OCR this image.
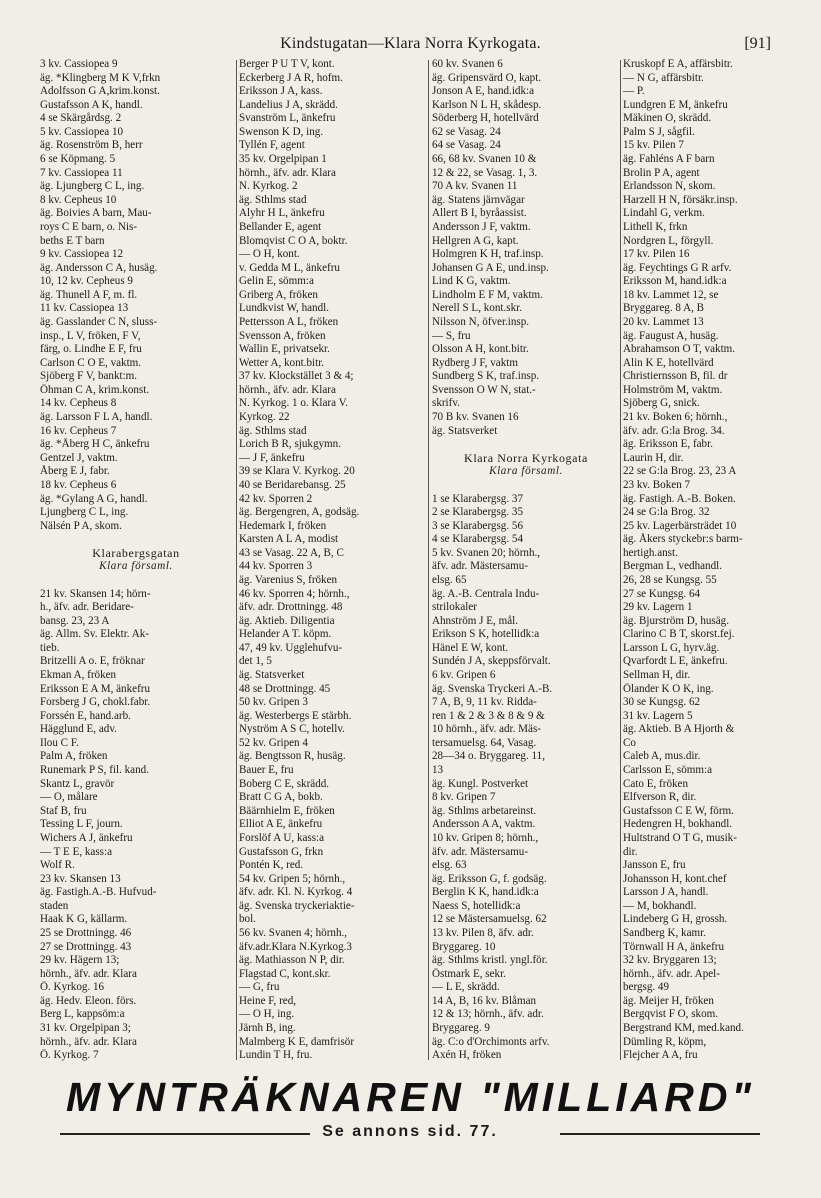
Kindstugatan—Klara Norra Kyrkogata.	[91]
3 kv. Cassiopea 9
äg. *Klingberg M K V,frkn
Adolfsson G A,krim.konst.
Gustafsson A K, handl.
4 se Skärgårdsg. 2
5 kv. Cassiopea 10
äg. Rosenström B, herr
6 se Köpmang. 5
7 kv. Cassiopea 11
äg. Ljungberg C L, ing.
8 kv. Cepheus 10
äg. Boivies A barn, Mau-
roys C E barn, o. Nis-
beths E T barn
9 kv. Cassiopea 12
äg. Andersson C A, husäg.
10, 12 kv. Cepheus 9
äg. Thunell A F, m. fl.
11 kv. Cassiopea 13
äg. Gasslander C N, sluss-
insp., L V, fröken, F V,
färg, o. Lindhe E F, fru
Carlson C O E, vaktm.
Sjöberg F V, bankt:m.
Öhman C A, krim.konst.
14 kv. Cepheus 8
äg. Larsson F L A, handl.
16 kv. Cepheus 7
äg. *Åberg H C, änkefru
Gentzel J, vaktm.
Åberg E J, fabr.
18 kv. Cepheus 6
äg. *Gylang A G, handl.
Ljungberg C L, ing.
Nälsén P A, skom.
Klarabergsgatan
Klara församl.
21 kv. Skansen 14; hörn-
h., äfv. adr. Beridare-
bansg. 23, 23 A
äg. Allm. Sv. Elektr. Ak-
tieb.
Britzelli A o. E, fröknar
Ekman A, fröken
Eriksson E A M, änkefru
Forsberg J G, chokl.fabr.
Forssén E, hand.arb.
Hägglund E, adv.
Ilou C F.
Palm A, fröken
Runemark P S, fil. kand.
Skantz L, gravör
— O, målare
Staf B, fru
Tessing L F, journ.
Wichers A J, änkefru
— T E E, kass:a
Wolf R.
23 kv. Skansen 13
äg. Fastigh.A.-B. Hufvud-
staden
Haak K G, källarm.
25 se Drottningg. 46
27 se Drottningg. 43
29 kv. Hägern 13;
hörnh., äfv. adr. Klara
Ö. Kyrkog. 16
äg. Hedv. Eleon. förs.
Berg L, kappsöm:a
31 kv. Orgelpipan 3;
hörnh., äfv. adr. Klara
Ö. Kyrkog. 7
Berger P U T V, kont.
Eckerberg J A R, hofm.
Eriksson J A, kass.
Landelius J A, skrädd.
Svanström L, änkefru
Swenson K D, ing.
Tyllén F, agent
35 kv. Orgelpipan 1
hörnh., äfv. adr. Klara
N. Kyrkog. 2
äg. Sthlms stad
Alyhr H L, änkefru
Bellander E, agent
Blomqvist C O A, boktr.
— O H, kont.
v. Gedda M L, änkefru
Gelin E, sömm:a
Griberg A, fröken
Lundkvist W, handl.
Pettersson A L, fröken
Svensson A, fröken
Wallin E, privatsekr.
Wetter A, kont.bitr.
37 kv. Klockstället 3 & 4;
hörnh., äfv. adr. Klara
N. Kyrkog. 1 o. Klara V.
Kyrkog. 22
äg. Sthlms stad
Lorich B R, sjukgymn.
— J F, änkefru
39 se Klara V. Kyrkog. 20
40 se Beridarebansg. 25
42 kv. Sporren 2
äg. Bergengren, A, godsäg.
Hedemark I, fröken
Karsten A L A, modist
43 se Vasag. 22 A, B, C
44 kv. Sporren 3
äg. Varenius S, fröken
46 kv. Sporren 4; hörnh.,
äfv. adr. Drottningg. 48
äg. Aktieb. Diligentia
Helander A T. köpm.
47, 49 kv. Ugglehufvu-
det 1, 5
äg. Statsverket
48 se Drottningg. 45
50 kv. Gripen 3
äg. Westerbergs E stärbh.
Nyström A S C, hotellv.
52 kv. Gripen 4
äg. Bengtsson R, husäg.
Bauer E, fru
Boberg C E, skrädd.
Bratt C G A, bokb.
Bäärnhielm E, fröken
Elliot A E, änkefru
Forslöf A U, kass:a
Gustafsson G, frkn
Pontén K, red.
54 kv. Gripen 5; hörnh.,
äfv. adr. Kl. N. Kyrkog. 4
äg. Svenska tryckeriaktie-
bol.
56 kv. Svanen 4; hörnh.,
äfv.adr.Klara N.Kyrkog.3
äg. Mathiasson N P, dir.
Flagstad C, kont.skr.
— G, fru
Heine F, red,
— O H, ing.
Järnh B, ing.
Malmberg K E, damfrisör
Lundin T H, fru.
60 kv. Svanen 6
äg. Gripensvärd O, kapt.
Jonson A E, hand.idk:a
Karlson N L H, skådesp.
Söderberg H, hotellvärd
62 se Vasag. 24
64 se Vasag. 24
66, 68 kv. Svanen 10 &
12 & 22, se Vasag. 1, 3.
70 A kv. Svanen 11
äg. Statens järnvägar
Allert B I, byråassist.
Andersson J F, vaktm.
Hellgren A G, kapt.
Holmgren K H, traf.insp.
Johansen G A E, und.insp.
Lind K G, vaktm.
Lindholm E F M, vaktm.
Nerell S L, kont.skr.
Nilsson N, öfver.insp.
— S, fru
Olsson A H, kont.bitr.
Rydberg J F, vaktm
Sundberg S K, traf.insp.
Svensson O W N, stat.-
skrifv.
70 B kv. Svanen 16
äg. Statsverket
Klara Norra Kyrkogata
Klara församl.
1 se Klarabergsg. 37
2 se Klarabergsg. 35
3 se Klarabergsg. 56
4 se Klarabergsg. 54
5 kv. Svanen 20; hörnh.,
äfv. adr. Mästersamu-
elsg. 65
äg. A.-B. Centrala Indu-
strilokaler
Ahnström J E, mål.
Erikson S K, hotellidk:a
Hänel E W, kont.
Sundén J A, skeppsförvalt.
6 kv. Gripen 6
äg. Svenska Tryckeri A.-B.
7 A, B, 9, 11 kv. Ridda-
ren 1 & 2 & 3 & 8 & 9 &
10 hörnh., äfv. adr. Mäs-
tersamuelsg. 64, Vasag.
28—34 o. Bryggareg. 11,
13
äg. Kungl. Postverket
8 kv. Gripen 7
äg. Sthlms arbetareinst.
Andersson A A, vaktm.
10 kv. Gripen 8; hörnh.,
äfv. adr. Mästersamu-
elsg. 63
äg. Eriksson G, f. godsäg.
Berglin K K, hand.idk:a
Naess S, hotellidk:a
12 se Mästersamuelsg. 62
13 kv. Pilen 8, äfv. adr.
Bryggareg. 10
äg. Sthlms kristl. yngl.för.
Östmark E, sekr.
— L E, skrädd.
14 A, B, 16 kv. Blåman
12 & 13; hörnh., äfv. adr.
Bryggareg. 9
äg. C:o d'Orchimonts arfv.
Axén H, fröken
Kruskopf E A, affärsbitr.
— N G, affärsbitr.
— P.
Lundgren E M, änkefru
Mäkinen O, skrädd.
Palm S J, sågfil.
15 kv. Pilen 7
äg. Fahléns A F barn
Brolin P A, agent
Erlandsson N, skom.
Harzell H N, försäkr.insp.
Lindahl G, verkm.
Lithell K, frkn
Nordgren L, förgyll.
17 kv. Pilen 16
äg. Feychtings G R arfv.
Eriksson M, hand.idk:a
18 kv. Lammet 12, se
Bryggareg. 8 A, B
20 kv. Lammet 13
äg. Faugust A, husäg.
Abrahamson O T, vaktm.
Alin K E, hotellvärd
Christiernsson B, fil. dr
Holmström M, vaktm.
Sjöberg G, snick.
21 kv. Boken 6; hörnh.,
äfv. adr. G:la Brog. 34.
äg. Eriksson E, fabr.
Laurin H, dir.
22 se G:la Brog. 23, 23 A
23 kv. Boken 7
äg. Fastigh. A.-B. Boken.
24 se G:la Brog. 32
25 kv. Lagerbärsträdet 10
äg. Åkers styckebr:s barm-
hertigh.anst.
Bergman L, vedhandl.
26, 28 se Kungsg. 55
27 se Kungsg. 64
29 kv. Lagern 1
äg. Bjurström D, husäg.
Clarino C B T, skorst.fej.
Larsson L G, hyrv.äg.
Qvarfordt L E, änkefru.
Sellman H, dir.
Ölander K O K, ing.
30 se Kungsg. 62
31 kv. Lagern 5
äg. Aktieb. B A Hjorth &
Co
Caleb A, mus.dir.
Carlsson E, sömm:a
Cato E, fröken
Elfverson R, dir.
Gustafsson C E W, förm.
Hedengren H, bokhandl.
Hultstrand O T G, musik-
dir.
Jansson E, fru
Johansson H, kont.chef
Larsson J A, handl.
— M, bokhandl.
Lindeberg G H, grossh.
Sandberg K, kamr.
Törnwall H A, änkefru
32 kv. Bryggaren 13;
hörnh., äfv. adr. Apel-
bergsg. 49
äg. Meijer H, fröken
Bergqvist F O, skom.
Bergstrand KM, med.kand.
Dümling R, köpm,
Flejcher A A, fru
MYNTRÄKNAREN "MILLIARD"
Se annons sid. 77.
